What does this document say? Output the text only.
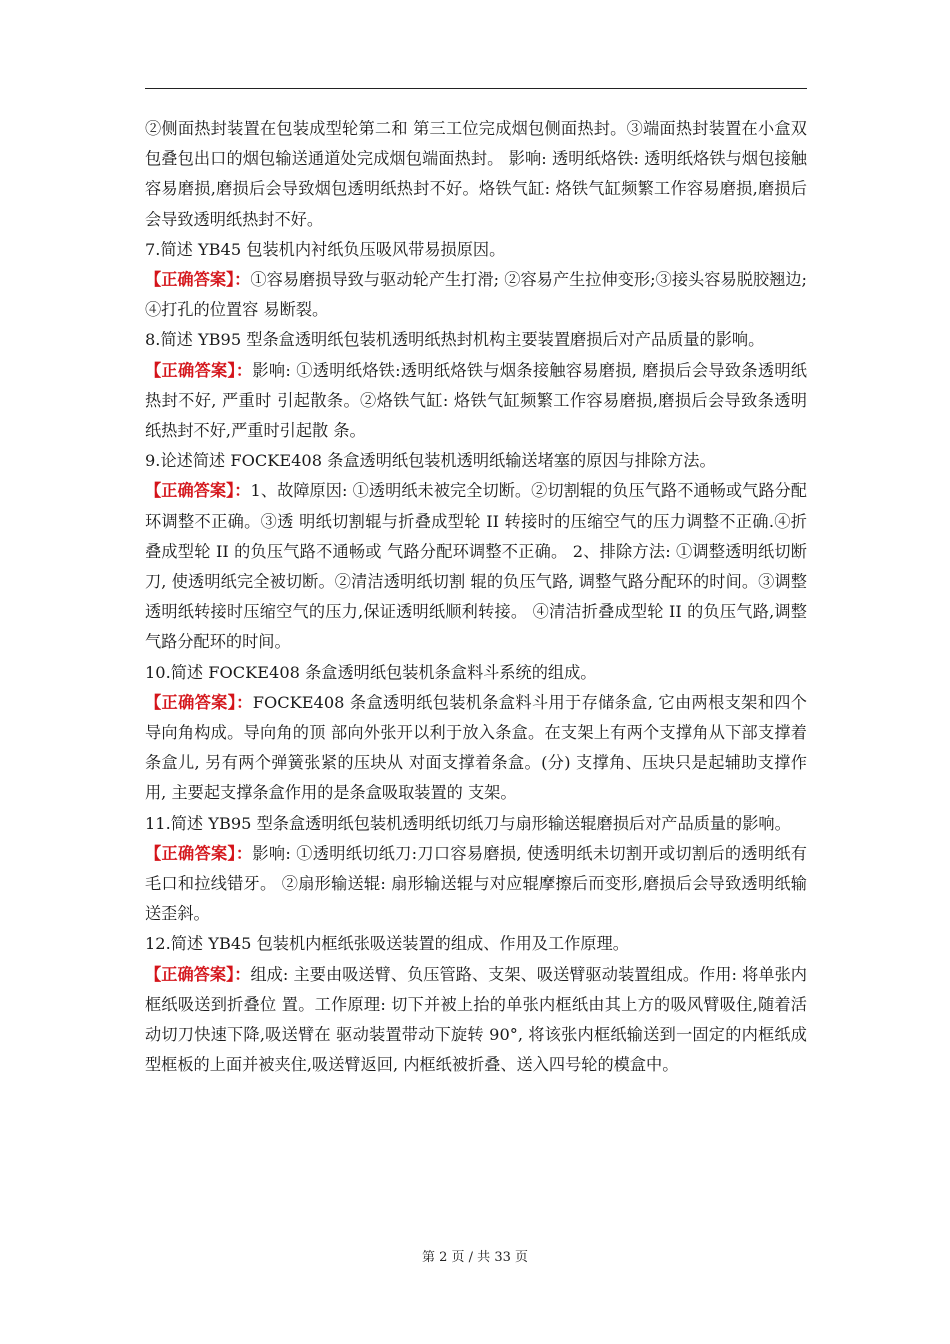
②侧面热封装置在包装成型轮第二和 第三工位完成烟包侧面热封。③端面热封装置在小盒双包叠包出口的烟包输送通道处完成烟包端面热封。 影响: 透明纸烙铁: 透明纸烙铁与烟包接触容易磨损,磨损后会导致烟包透明纸热封不好。烙铁气缸: 烙铁气缸频繁工作容易磨损,磨损后会导致透明纸热封不好。

7.简述 YB45 包装机内衬纸负压吸风带易损原因。

【正确答案】：①容易磨损导致与驱动轮产生打滑; ②容易产生拉伸变形;③接头容易脱胶翘边; ④打孔的位置容 易断裂。

8.简述 YB95 型条盒透明纸包装机透明纸热封机构主要装置磨损后对产品质量的影响。

【正确答案】：影响: ①透明纸烙铁:透明纸烙铁与烟条接触容易磨损, 磨损后会导致条透明纸热封不好, 严重时 引起散条。②烙铁气缸: 烙铁气缸频繁工作容易磨损,磨损后会导致条透明纸热封不好,严重时引起散 条。

9.论述简述 FOCKE408 条盒透明纸包装机透明纸输送堵塞的原因与排除方法。

【正确答案】：1、故障原因: ①透明纸未被完全切断。②切割辊的负压气路不通畅或气路分配环调整不正确。③透 明纸切割辊与折叠成型轮 II 转接时的压缩空气的压力调整不正确.④折叠成型轮 II 的负压气路不通畅或 气路分配环调整不正确。 2、排除方法: ①调整透明纸切断刀, 使透明纸完全被切断。②清洁透明纸切割 辊的负压气路, 调整气路分配环的时间。③调整透明纸转接时压缩空气的压力,保证透明纸顺利转接。 ④清洁折叠成型轮 II 的负压气路,调整气路分配环的时间。

10.简述 FOCKE408 条盒透明纸包装机条盒料斗系统的组成。

【正确答案】：FOCKE408 条盒透明纸包装机条盒料斗用于存储条盒, 它由两根支架和四个导向角构成。导向角的顶 部向外张开以利于放入条盒。在支架上有两个支撑角从下部支撑着条盒儿, 另有两个弹簧张紧的压块从 对面支撑着条盒。(分) 支撑角、压块只是起辅助支撑作用, 主要起支撑条盒作用的是条盒吸取装置的 支架。

11.简述 YB95 型条盒透明纸包装机透明纸切纸刀与扇形输送辊磨损后对产品质量的影响。

【正确答案】：影响: ①透明纸切纸刀:刀口容易磨损, 使透明纸未切割开或切割后的透明纸有毛口和拉线错牙。 ②扇形输送辊: 扇形输送辊与对应辊摩擦后而变形,磨损后会导致透明纸输送歪斜。

12.简述 YB45 包装机内框纸张吸送装置的组成、作用及工作原理。

【正确答案】：组成: 主要由吸送臂、负压管路、支架、吸送臂驱动装置组成。作用: 将单张内框纸吸送到折叠位 置。工作原理: 切下并被上抬的单张内框纸由其上方的吸风臂吸住,随着活动切刀快速下降,吸送臂在 驱动装置带动下旋转 90°, 将该张内框纸输送到一固定的内框纸成型框板的上面并被夹住,吸送臂返回, 内框纸被折叠、送入四号轮的模盒中。

第 2 页 / 共 33 页
